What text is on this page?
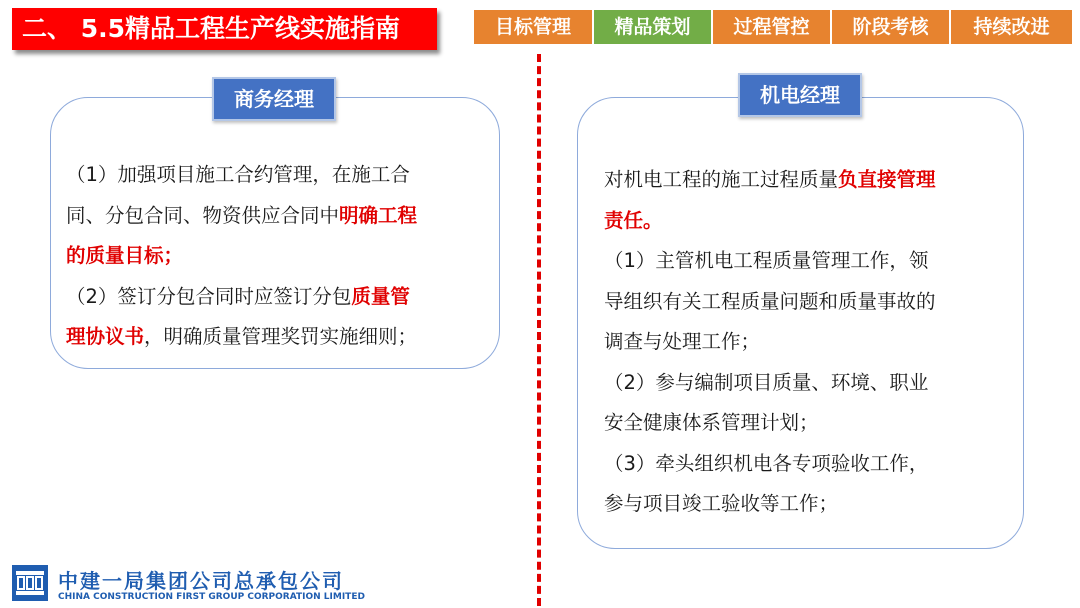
二、 5.5精品工程生产线实施指南	目标管理	精品策划	过程管控	阶段考核	持续改进
商务经理
（1）加强项目施工合约管理，在施工合
同、分包合同、物资供应合同中明确工程
的质量目标；
（2）签订分包合同时应签订分包质量管
理协议书，明确质量管理奖罚实施细则；
机电经理
对机电工程的施工过程质量负直接管理
责任。
（1）主管机电工程质量管理工作，领
导组织有关工程质量问题和质量事故的
调查与处理工作；
（2）参与编制项目质量、环境、职业
安全健康体系管理计划；
（3）牵头组织机电各专项验收工作，
参与项目竣工验收等工作；
中建一局集团公司总承包公司
CHINA CONSTRUCTION FIRST GROUP CORPORATION LIMITED
